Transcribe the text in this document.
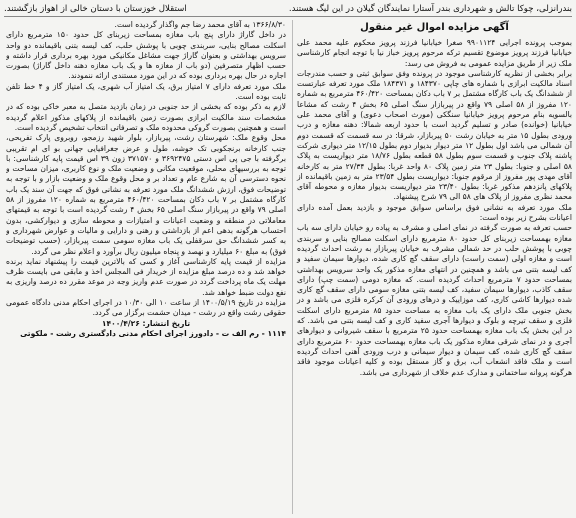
بندرانزلی، چوکا تالش و شهرداری بندر آستارا نمایندگان گیلان در این لیگ هستند.
استقلال خوزستان با دستان خالی از اهواز بازگشتند.
آگهی مزایده اموال غیر منقول

بموجب پرونده اجرایی ۹۹۰۱۱۲۴ صغرا خیابانیا فرزند پرویز محکوم علیه محمد علی خیابانیا فرزند پرویز موضوع تقسیم ترکه مرحوم پرویز خباز نیا با توجه انجام کارشناسی ملک زیر از طریق مزایده عمومی به فروش می رسد:

برابر بخشی از نظریه کارشناسی موجود در پرونده وفق سوابق ثبتی و حسب مندرجات اسناد مالکیت ابرازی با شماره های چاپی ۱۸۴۳۷۰ و ۱۸۴۳۷۱ ملک مورد تعرفه عبارتست از ششدانگ یک باب کارگاه مشتمل بر ۷ باب دکان بمساحت ۴۶۰/۴۲۰ مترمربع به شماره ۱۲۰ مفروز از ۵۸ اصلی ۷۹ واقع در پیربازار سنگ اصلی ۶۵ بخش ۴ رشت که مشاعا بالسویه بنام مرحوم پرویز خیابانیا سنگکی (مورث اصحاب دعوی) و آقای محمد علی خیابانیا (خوانده) صادر و تسلیم گردید است با حدود اربعه شمالا: دهنه مغازه و درب ورودی بطول ۱۵ متر به خیابان رشت ۵۰ پیربازار، شرقا: در سه قسمت که قسمت دوم آن شمالی می باشد اول بطول ۱۲ متر دیوار بدیوار دوم بطول ۱۲/۱۵ متر دیواری شرکت پاشنه پلاک جنوب و قسمت سوم بطول ۵۸ قطعه بطول ۱۸/۷۶ متر دیواریست به پلاک ۵۸ اصلی و جنوبا: بطول ۲۳ متر زمین پلاک ۸۰ واحد غربا: بطول ۲۷/۳۴ متر به کارخانه آقای مهدی پور مفروز از مرقوم جنوبا: دیواریست بطول ۲۳/۵۴ متر به زمین باقیمانده از پلاکهای پانزدهم مذکور غربا: بطول ۲۳/۴۰ متر دیواریست بدیوار مغازه و محوطه آقای محمد نظری مفروز از پلاک های ۵۸ الی ۷۹ شرح پیشنهاد.

ملک مورد تعرفه به نشانی فوق براساس سوابق موجود و بازدید بعمل آمده دارای اعیانات بشرح زیر بوده است:

حسب تعرفه به صورت گرفته در نمای اصلی و مشرف به پیاده رو خیابان دارای سه باب مغازه بهمساحت زیربنای کل حدود ۸۰ مترمربع دارای اسکلت مصالح بنایی و سربندی چوبی با پوشش حلب در حد شمالی مشرف به خیابان پیربازار به رشت احداث گردیده است و مغازه اولی (سمت راست) دارای سقف گچ کاری شده، دیوارها سیمان سفید و کف لیسه بتنی می باشد و همچنین در انتهای مغازه مذکور یک واحد سرویس بهداشتی بمساحت حدود ۷ مترمربع احداث گردیده است. که مغازه دومی (سمت چپ) دارای سقف کاذب، دیوارها سیمان سفید، کف لیسه بتنی مغازه سومی دارای سقف گچ کاری شده دیوارها کاشی کاری، کف موزاییک و درهای ورودی آن کرکره فلزی می باشد و در بخش جنوبی ملک دارای یک باب مغازه به مساحت حدود ۸۵ مترمربع دارای اسکلت فلزی و سقف تیرچه و بلوک و دیوارها آجری سفید کاری و کف لیسه بتنی می باشد. که در این بخش یک باب مغازه بهمساحت حدود ۲۵ مترمربع با سقف شیروانی و دیوارهای آجری و در نمای شرقی مغازه مذکور یک باب مغازه بهمساحت حدود ۶۰ مترمربع دارای سقف گچ کاری شده، کف سیمان و دیوار سیمانی و درب ورودی آهنی احداث گردیده است و ملک فاقد انشعاب آب، برق و گاز مستقل بوده و کلیه اعیانات موجود فاقد هرگونه پروانه ساختمانی و مدارک عدم خلاف از شهرداری می باشد.

۱۳۶۶/۸/۳۰ به آقای محمد رضا جم واگذار گردیده است.

در داخل گاراژ دارای پنج باب مغازه بمساحت زیربنای کل حدود ۱۵۰ مترمربع دارای اسکلت مصالح بنایی، سربندی چوبی با پوشش حلب، کف لیسه بتنی باقیمانده دو واحد سرویس بهداشتی و بعنوان گاراژ جهت مشاغل مکانیکی مورد بهره برداری قرار داشته و حسب اظهار متصرفین (دو باب از مغازه ها و یک باب مغازه دهنه داخل گاراژ) بصورت اجاره در حال بهره برداری بوده که در این مورد مستندی ارائه ننمودند.

ملک مورد تعرفه دارای ۷ امتیاز برق، یک امتیاز آب شهری، یک امتیاز گاز و ۴ خط تلفن ثابت بوده است.

لازم به ذکر بوده که بخشی از حد جنوبی در زمان بازدید متصل به معبر خاکی بوده که در مشخصات سند مالکیت ابرازی بصورت زمین باقیمانده از پلاکهای مذکور اعلام گردیده است و همچنین بصورت گروکی محدوده ملک و تصرفاتی انتخاب تشخیص گردیده است.

محل وقوع ملک: شهرستان رشت، پیربازار، بلوار شهید رزمجو، روبروی پارک تفریحی، جنب کارخانه برنجکوبی تک خوشه، طول و عرض جغرافیایی جهانی بو ای ام تقریبی برگرفته با جی پی اس دستی ۳۶۹۲۴۷۵ و ۳۷۱۵۷۰ زون ۳۹ اس قیمت پایه کارشناسی: با توجه به بررسیهای محلی، موقعیت مکانی و وضعیت ملک و نوع کاربری، میزان مساحت و نحوه دسترسی آن به شارع عام و تعداد بر و محل وقوع ملک و وضعیت بازار و با توجه به توضیحات فوق، ارزش ششدانگ ملک مورد تعرفه به نشانی فوق که جهت آن سند یک باب کارگاه مشتمل بر ۷ باب دکان بمساحت ۴۶۰/۴۲۰ مترمربع به شماره ۱۲۰ مفروز از ۵۸ اصلی ۷۹ واقع در پیربازار سنگ اصلی ۶۵ بخش ۴ رشت گردیده است با توجه به قیمتهای معاملاتی در منطقه و وضعیت اعیانات و امتیازات و محوطه سازی و دیوارکشی، بدون احتساب هرگونه بدهی اعم از بازداشتی و رهنی و دارایی و مالیات و عوارض شهرداری و به کسر ششدانگ حق سرقفلی یک باب مغازه سومی سمت پیربازار، (حسب توضیحات فوق) به مبلغ ۶۰ میلیارد و نهصد و پنجاه میلیون ریال برآورد و اعلام نظر می گردد.

مزایده از قیمت پایه کارشناسی آغاز و کسی که بالاترین قیمت را پیشنهاد نماید برنده خواهد شد و ده درصد مبلغ مزایده از خریدار فی المجلس اخذ و مابقی می بایست ظرف مهلت یک ماه پرداخت گردد در صورت عدم واریز وجه در موعد مقرر ده درصد واریزی به نفع دولت ضبط خواهد شد.

مزایده در تاریخ ۱۴۰۰/۵/۱۹ از ساعت ۱۰ الی ۱۰/۳۰ در اجرای احکام مدنی دادگاه عمومی حقوقی رشت واقع در رشت - میدان حشمت برگزار می گردد.

تاریخ انتشار: ۱۴۰۰/۴/۲۶

۱۱۱۴ - رم الف ت - دادورز اجرای احکام مدنی دادگستری رشت - ملکوتی
